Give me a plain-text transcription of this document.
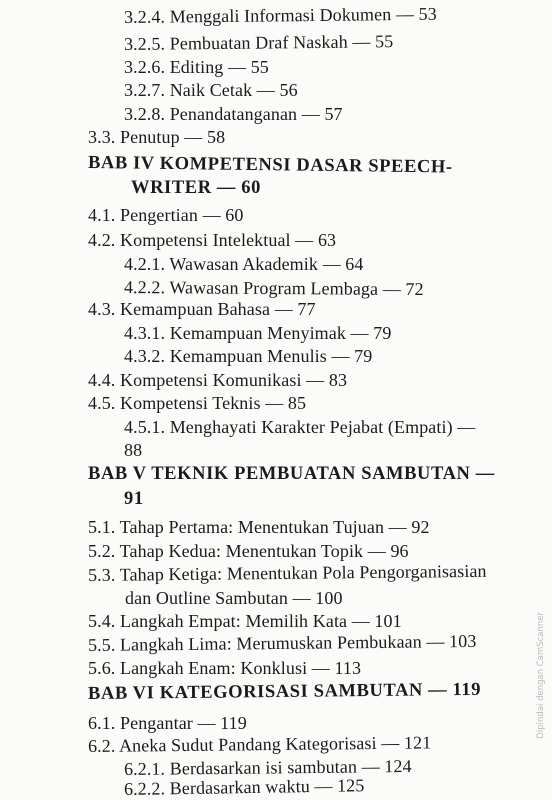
3.2.4. Menggali Informasi Dokumen — 53
3.2.5. Pembuatan Draf Naskah — 55
3.2.6. Editing — 55
3.2.7. Naik Cetak — 56
3.2.8. Penandatanganan — 57
3.3. Penutup — 58
BAB IV KOMPETENSI DASAR SPEECH-
WRITER — 60
4.1. Pengertian — 60
4.2. Kompetensi Intelektual — 63
4.2.1. Wawasan Akademik — 64
4.2.2. Wawasan Program Lembaga — 72
4.3. Kemampuan Bahasa — 77
4.3.1. Kemampuan Menyimak — 79
4.3.2. Kemampuan Menulis — 79
4.4. Kompetensi Komunikasi — 83
4.5. Kompetensi Teknis — 85
4.5.1. Menghayati Karakter Pejabat (Empati) —
88
BAB V TEKNIK PEMBUATAN SAMBUTAN —
91
5.1. Tahap Pertama: Menentukan Tujuan — 92
5.2. Tahap Kedua: Menentukan Topik — 96
5.3. Tahap Ketiga: Menentukan Pola Pengorganisasian
dan Outline Sambutan — 100
5.4. Langkah Empat: Memilih Kata — 101
5.5. Langkah Lima: Merumuskan Pembukaan — 103
5.6. Langkah Enam: Konklusi — 113
BAB VI KATEGORISASI SAMBUTAN — 119
6.1. Pengantar — 119
6.2. Aneka Sudut Pandang Kategorisasi — 121
6.2.1. Berdasarkan isi sambutan — 124
6.2.2. Berdasarkan waktu — 125
Dipindai dengan CamScanner
